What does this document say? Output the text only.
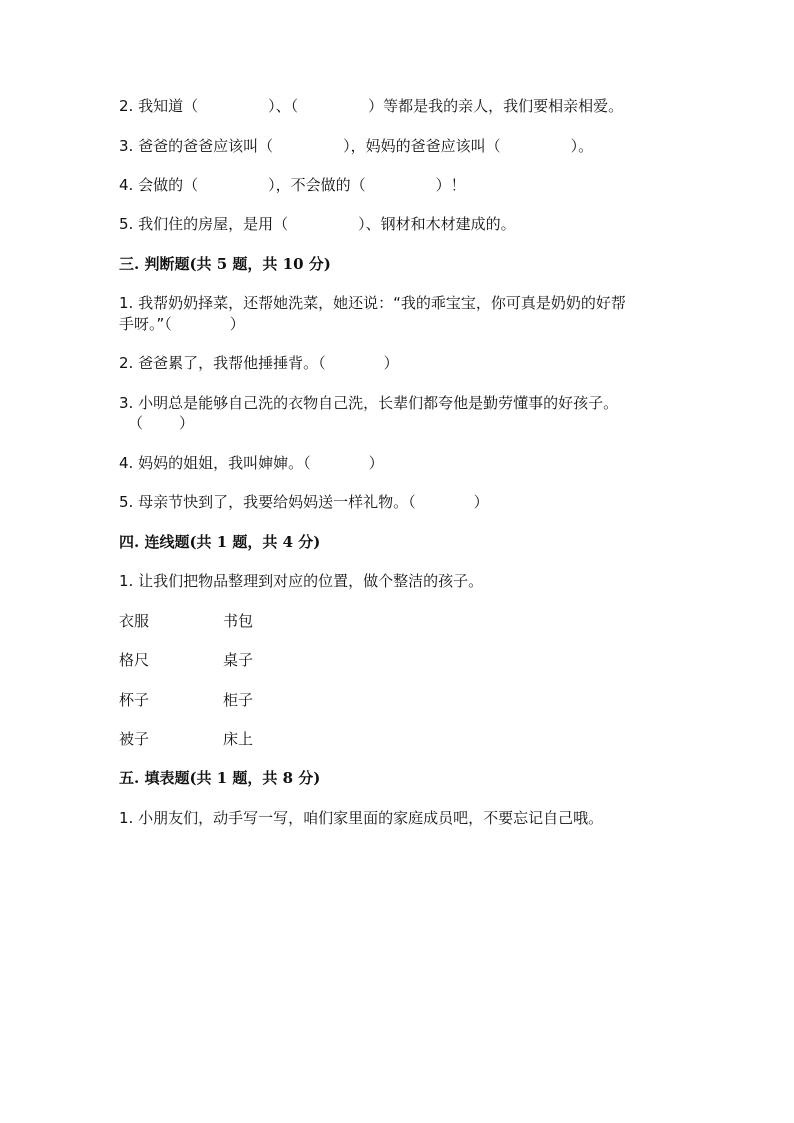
2. 我知道（	）、（	）等都是我的亲人，我们要相亲相爱。
3. 爸爸的爸爸应该叫（	），妈妈的爸爸应该叫（	）。
4. 会做的（	），不会做的（	）！
5. 我们住的房屋，是用（	）、钢材和木材建成的。
三. 判断题(共 5 题，共 10 分)
1. 我帮奶奶择菜，还帮她洗菜，她还说：“我的乖宝宝，你可真是奶奶的好帮
手呀。”（	）
2. 爸爸累了，我帮他捶捶背。（	）
3. 小明总是能够自己洗的衣物自己洗，长辈们都夸他是勤劳懂事的好孩子。
（ ）
4. 妈妈的姐姐，我叫婶婶。（	）
5. 母亲节快到了，我要给妈妈送一样礼物。（	）
四. 连线题(共 1 题，共 4 分)
1. 让我们把物品整理到对应的位置，做个整洁的孩子。
衣服	书包
格尺	桌子
杯子	柜子
被子	床上
五. 填表题(共 1 题，共 8 分)
1. 小朋友们，动手写一写，咱们家里面的家庭成员吧，不要忘记自己哦。
